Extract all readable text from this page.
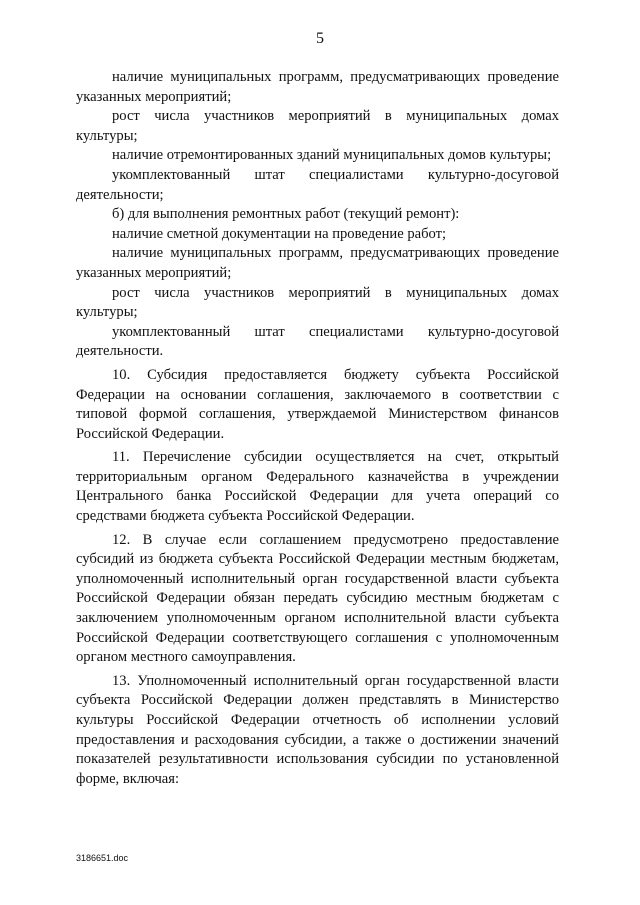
5

наличие муниципальных программ, предусматривающих проведение указанных мероприятий;

рост числа участников мероприятий в муниципальных домах культуры;

наличие отремонтированных зданий муниципальных домов культуры;

укомплектованный штат специалистами культурно-досуговой деятельности;

б) для выполнения ремонтных работ (текущий ремонт):

наличие сметной документации на проведение работ;

наличие муниципальных программ, предусматривающих проведение указанных мероприятий;

рост числа участников мероприятий в муниципальных домах культуры;

укомплектованный штат специалистами культурно-досуговой деятельности.

10. Субсидия предоставляется бюджету субъекта Российской Федерации на основании соглашения, заключаемого в соответствии с типовой формой соглашения, утверждаемой Министерством финансов Российской Федерации.

11. Перечисление субсидии осуществляется на счет, открытый территориальным органом Федерального казначейства в учреждении Центрального банка Российской Федерации для учета операций со средствами бюджета субъекта Российской Федерации.

12. В случае если соглашением предусмотрено предоставление субсидий из бюджета субъекта Российской Федерации местным бюджетам, уполномоченный исполнительный орган государственной власти субъекта Российской Федерации обязан передать субсидию местным бюджетам с заключением уполномоченным органом исполнительной власти субъекта Российской Федерации соответствующего соглашения с уполномоченным органом местного самоуправления.

13. Уполномоченный исполнительный орган государственной власти субъекта Российской Федерации должен представлять в Министерство культуры Российской Федерации отчетность об исполнении условий предоставления и расходования субсидии, а также о достижении значений показателей результативности использования субсидии по установленной форме, включая:

3186651.doc
